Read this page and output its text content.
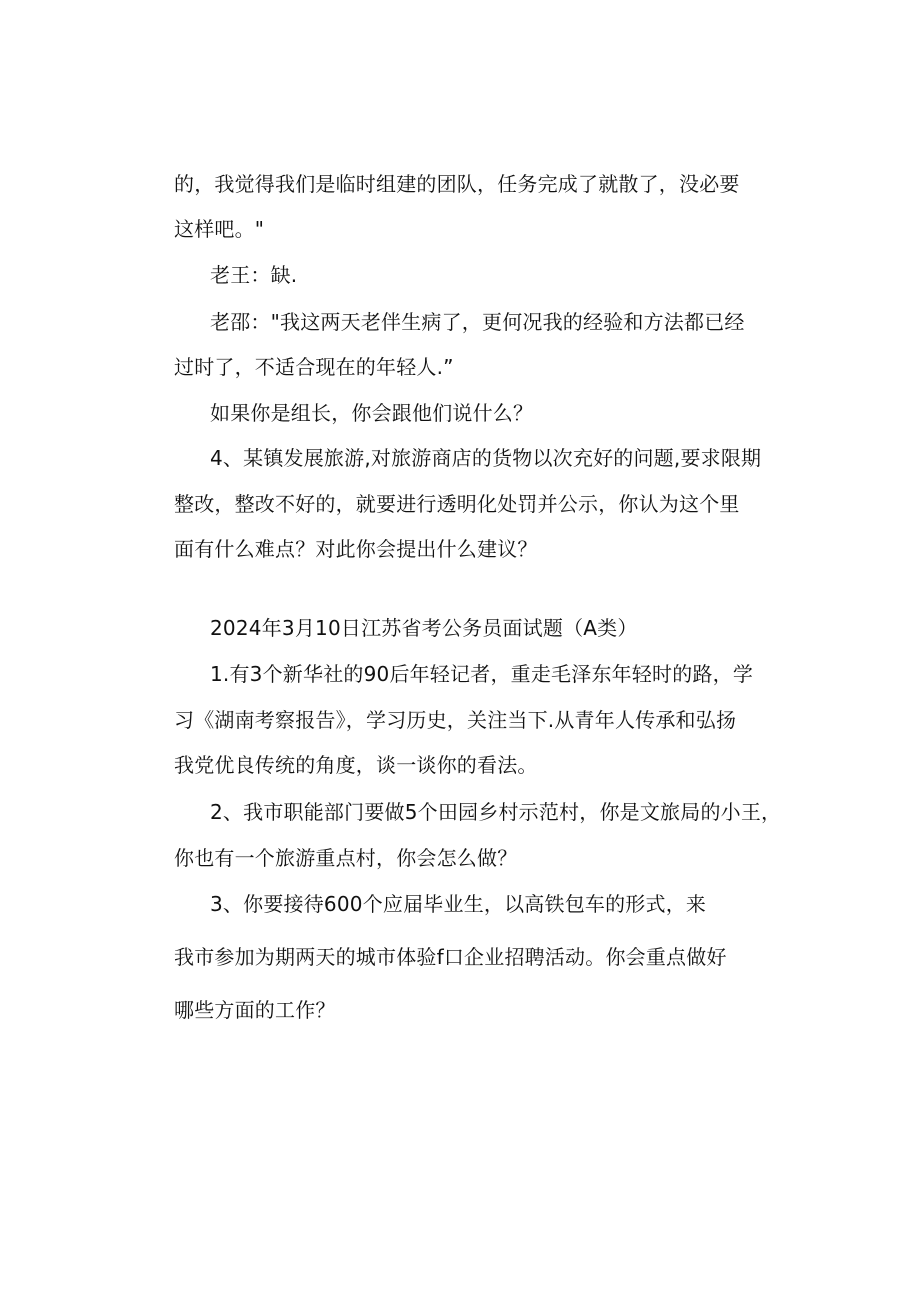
的，我觉得我们是临时组建的团队，任务完成了就散了，没必要
这样吧。"
老王：缺.
老邵："我这两天老伴生病了，更何况我的经验和方法都已经
过时了，不适合现在的年轻人.”
如果你是组长，你会跟他们说什么？
4、某镇发展旅游,对旅游商店的货物以次充好的问题,要求限期
整改，整改不好的，就要进行透明化处罚并公示，你认为这个里
面有什么难点？对此你会提出什么建议？
2024年3月10日江苏省考公务员面试题（A类）
1.有3个新华社的90后年轻记者，重走毛泽东年轻时的路，学
习《湖南考察报告》，学习历史，关注当下.从青年人传承和弘扬
我党优良传统的角度，谈一谈你的看法。
2、我市职能部门要做5个田园乡村示范村，你是文旅局的小王，
你也有一个旅游重点村，你会怎么做？
3、你要接待600个应届毕业生，以高铁包车的形式，来
我市参加为期两天的城市体验f口企业招聘活动。你会重点做好
哪些方面的工作？
